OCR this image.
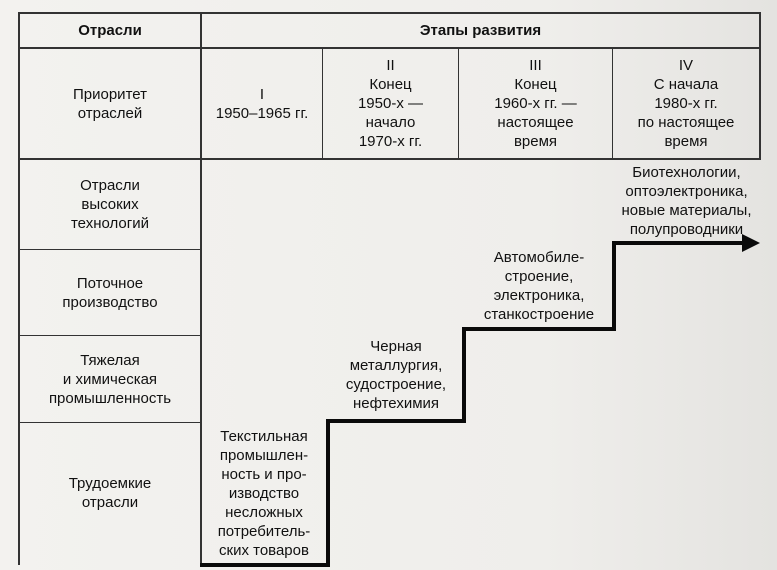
Отрасли	Этапы развития
Приоритет
отраслей
I
1950–1965 гг.
II
Конец
1950-х —
начало
1970-х гг.
III
Конец
1960-х гг. —
настоящее
время
IV
С начала
1980-х гг.
по настоящее
время
Отрасли
высоких
технологий
Поточное
производство
Тяжелая
и химическая
промышленность
Трудоемкие
отрасли
Биотехнологии,
оптоэлектроника,
новые материалы,
полупроводники
Автомобиле-
строение,
электроника,
станкостроение
Черная
металлургия,
судостроение,
нефтехимия
Текстильная
промышлен-
ность и про-
изводство
несложных
потребитель-
ских товаров
